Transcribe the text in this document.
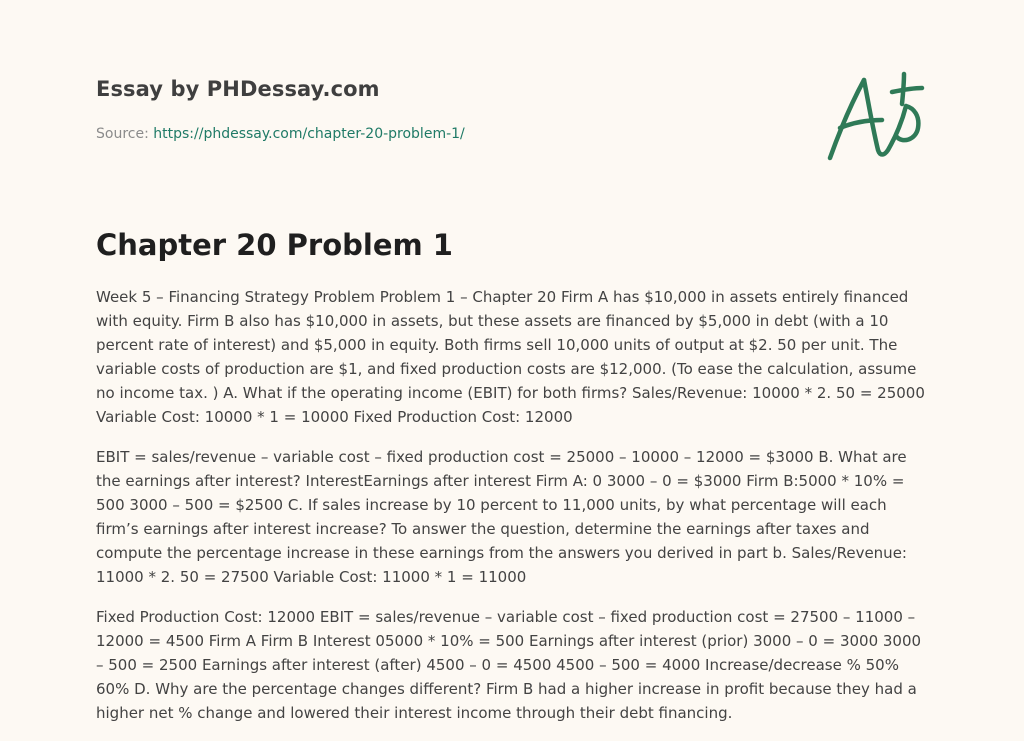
Essay by PHDessay.com
Source: https://phdessay.com/chapter-20-problem-1/
Chapter 20 Problem 1

Week 5 – Financing Strategy Problem Problem 1 – Chapter 20 Firm A has $10,000 in assets entirely financed with equity. Firm B also has $10,000 in assets, but these assets are financed by $5,000 in debt (with a 10 percent rate of interest) and $5,000 in equity. Both firms sell 10,000 units of output at $2. 50 per unit. The variable costs of production are $1, and fixed production costs are $12,000. (To ease the calculation, assume no income tax. ) A. What if the operating income (EBIT) for both firms? Sales/Revenue: 10000 * 2. 50 = 25000 Variable Cost: 10000 * 1 = 10000 Fixed Production Cost: 12000

EBIT = sales/revenue – variable cost – fixed production cost = 25000 – 10000 – 12000 = $3000 B. What are the earnings after interest? InterestEarnings after interest Firm A: 0 3000 – 0 = $3000 Firm B:5000 * 10% = 500 3000 – 500 = $2500 C. If sales increase by 10 percent to 11,000 units, by what percentage will each firm’s earnings after interest increase? To answer the question, determine the earnings after taxes and compute the percentage increase in these earnings from the answers you derived in part b. Sales/Revenue: 11000 * 2. 50 = 27500 Variable Cost: 11000 * 1 = 11000

Fixed Production Cost: 12000 EBIT = sales/revenue – variable cost – fixed production cost = 27500 – 11000 – 12000 = 4500 Firm A Firm B Interest 05000 * 10% = 500 Earnings after interest (prior) 3000 – 0 = 3000 3000 – 500 = 2500 Earnings after interest (after) 4500 – 0 = 4500 4500 – 500 = 4000 Increase/decrease % 50% 60% D. Why are the percentage changes different? Firm B had a higher increase in profit because they had a higher net % change and lowered their interest income through their debt financing.
